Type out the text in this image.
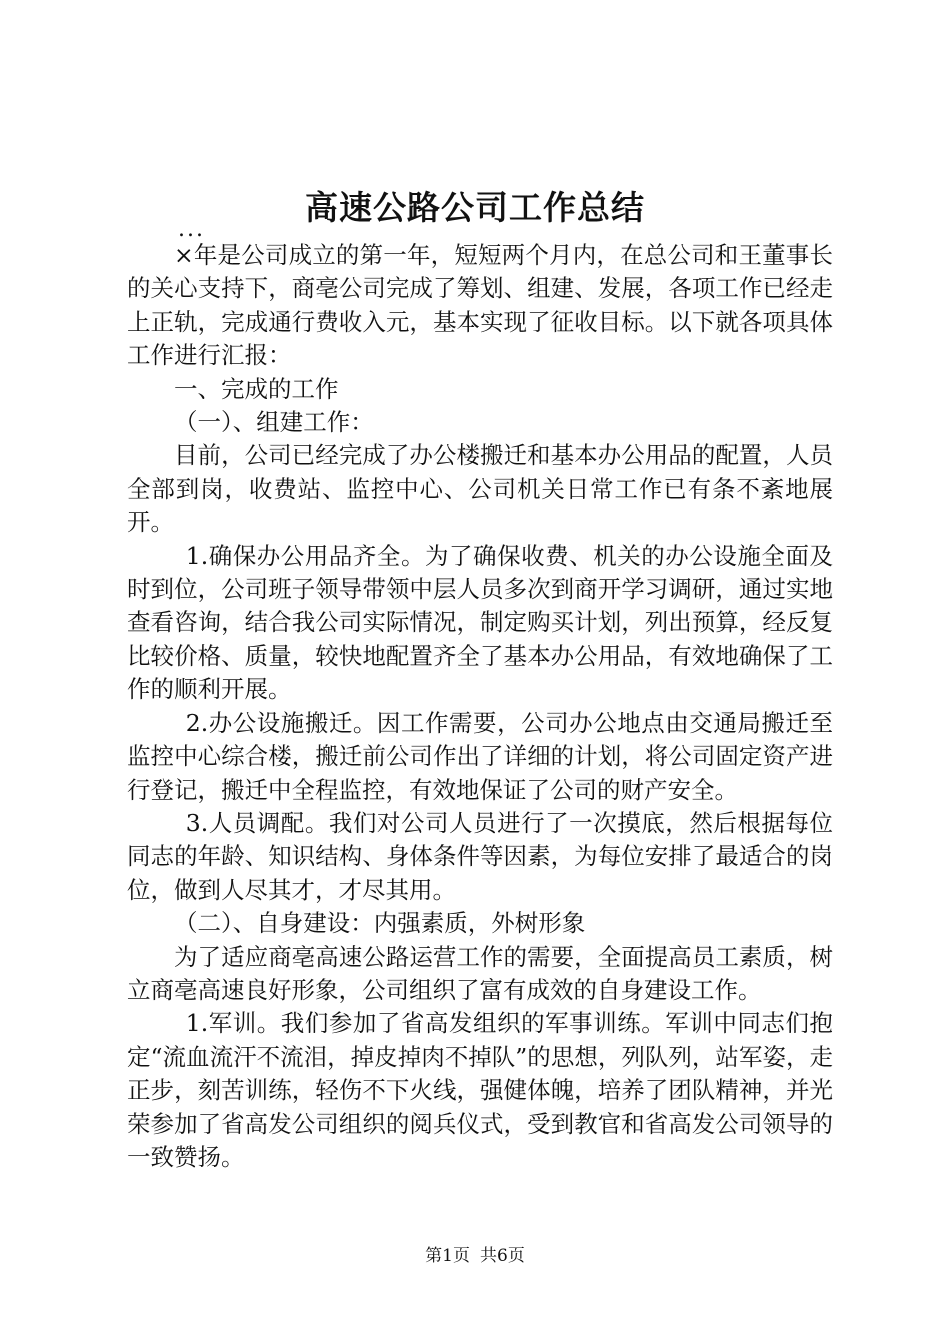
高速公路公司工作总结
...

×年是公司成立的第一年，短短两个月内，在总公司和王董事长的关心支持下，商亳公司完成了筹划、组建、发展，各项工作已经走上正轨，完成通行费收入元，基本实现了征收目标。以下就各项具体工作进行汇报：

一、完成的工作

（一）、组建工作：

目前，公司已经完成了办公楼搬迁和基本办公用品的配置，人员全部到岗，收费站、监控中心、公司机关日常工作已有条不紊地展开。

1.确保办公用品齐全。为了确保收费、机关的办公设施全面及时到位，公司班子领导带领中层人员多次到商开学习调研，通过实地查看咨询，结合我公司实际情况，制定购买计划，列出预算，经反复比较价格、质量，较快地配置齐全了基本办公用品，有效地确保了工作的顺利开展。

2.办公设施搬迁。因工作需要，公司办公地点由交通局搬迁至监控中心综合楼，搬迁前公司作出了详细的计划，将公司固定资产进行登记，搬迁中全程监控，有效地保证了公司的财产安全。

3.人员调配。我们对公司人员进行了一次摸底，然后根据每位同志的年龄、知识结构、身体条件等因素，为每位安排了最适合的岗位，做到人尽其才，才尽其用。

（二）、自身建设：内强素质，外树形象

为了适应商亳高速公路运营工作的需要，全面提高员工素质，树立商亳高速良好形象，公司组织了富有成效的自身建设工作。

1.军训。我们参加了省高发组织的军事训练。军训中同志们抱定“流血流汗不流泪，掉皮掉肉不掉队”的思想，列队列，站军姿，走正步，刻苦训练，轻伤不下火线，强健体魄，培养了团队精神，并光荣参加了省高发公司组织的阅兵仪式，受到教官和省高发公司领导的一致赞扬。

第1页 共6页
